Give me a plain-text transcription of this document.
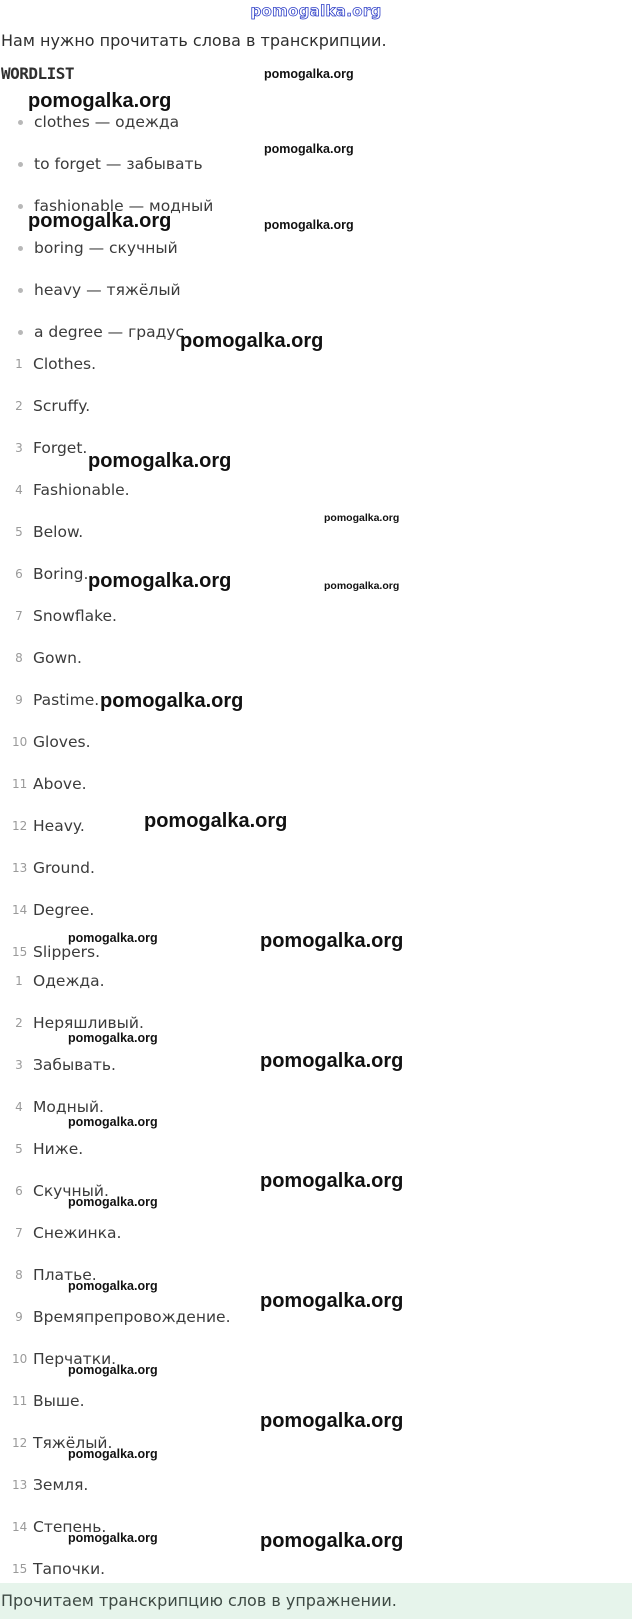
pomogalka.org
Нам нужно прочитать слова в транскрипции.
WORDLIST
clothes — одежда
to forget — забывать
fashionable — модный
boring — скучный
heavy — тяжёлый
a degree — градус
1 Clothes.
2 Scruffy.
3 Forget.
4 Fashionable.
5 Below.
6 Boring.
7 Snowflake.
8 Gown.
9 Pastime.
10 Gloves.
11 Above.
12 Heavy.
13 Ground.
14 Degree.
15 Slippers.
1 Одежда.
2 Неряшливый.
3 Забывать.
4 Модный.
5 Ниже.
6 Скучный.
7 Снежинка.
8 Платье.
9 Времяпрепровождение.
10 Перчатки.
11 Выше.
12 Тяжёлый.
13 Земля.
14 Степень.
15 Тапочки.
pomogalka.org
pomogalka.org
pomogalka.org
pomogalka.org	pomogalka.org
pomogalka.org
pomogalka.org
pomogalka.org
pomogalka.org	pomogalka.org
pomogalka.org
pomogalka.org
pomogalka.org	pomogalka.org
pomogalka.org
pomogalka.org
pomogalka.org
pomogalka.org
pomogalka.org
pomogalka.org
pomogalka.org
pomogalka.org
pomogalka.org
pomogalka.org
pomogalka.org	pomogalka.org
Прочитаем транскрипцию слов в упражнении.
